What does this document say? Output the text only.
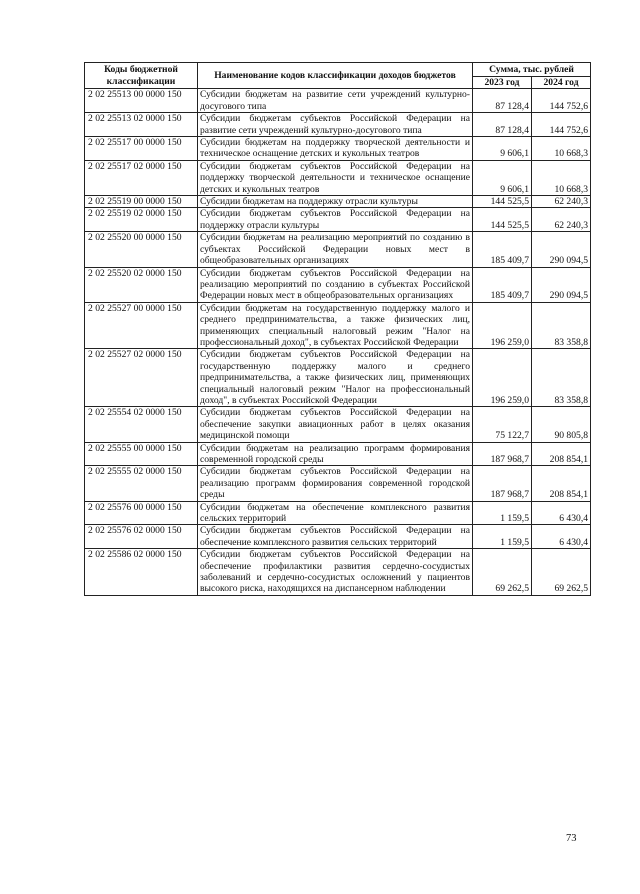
Коды бюджетной классификации	Наименование кодов классификации доходов бюджетов	Сумма, тыс. рублей	
		2023 год	2024 год
2 02 25513 00 0000 150	Субсидии бюджетам на развитие сети учреждений культурно-досугового типа	87 128,4	144 752,6
2 02 25513 02 0000 150	Субсидии бюджетам субъектов Российской Федерации на развитие сети учреждений культурно-досугового типа	87 128,4	144 752,6
2 02 25517 00 0000 150	Субсидии бюджетам на поддержку творческой деятельности и техническое оснащение детских и кукольных театров	9 606,1	10 668,3
2 02 25517 02 0000 150	Субсидии бюджетам субъектов Российской Федерации на поддержку творческой деятельности и техническое оснащение детских и кукольных театров	9 606,1	10 668,3
2 02 25519 00 0000 150	Субсидии бюджетам на поддержку отрасли культуры	144 525,5	62 240,3
2 02 25519 02 0000 150	Субсидии бюджетам субъектов Российской Федерации на поддержку отрасли культуры	144 525,5	62 240,3
2 02 25520 00 0000 150	Субсидии бюджетам на реализацию мероприятий по созданию в субъектах Российской Федерации новых мест в общеобразовательных организациях	185 409,7	290 094,5
2 02 25520 02 0000 150	Субсидии бюджетам субъектов Российской Федерации на реализацию мероприятий по созданию в субъектах Российской Федерации новых мест в общеобразовательных организациях	185 409,7	290 094,5
2 02 25527 00 0000 150	Субсидии бюджетам на государственную поддержку малого и среднего предпринимательства, а также физических лиц, применяющих специальный налоговый режим "Налог на профессиональный доход", в субъектах Российской Федерации	196 259,0	83 358,8
2 02 25527 02 0000 150	Субсидии бюджетам субъектов Российской Федерации на государственную поддержку малого и среднего предпринимательства, а также физических лиц, применяющих специальный налоговый режим "Налог на профессиональный доход", в субъектах Российской Федерации	196 259,0	83 358,8
2 02 25554 02 0000 150	Субсидии бюджетам субъектов Российской Федерации на обеспечение закупки авиационных работ в целях оказания медицинской помощи	75 122,7	90 805,8
2 02 25555 00 0000 150	Субсидии бюджетам на реализацию программ формирования современной городской среды	187 968,7	208 854,1
2 02 25555 02 0000 150	Субсидии бюджетам субъектов Российской Федерации на реализацию программ формирования современной городской среды	187 968,7	208 854,1
2 02 25576 00 0000 150	Субсидии бюджетам на обеспечение комплексного развития сельских территорий	1 159,5	6 430,4
2 02 25576 02 0000 150	Субсидии бюджетам субъектов Российской Федерации на обеспечение комплексного развития сельских территорий	1 159,5	6 430,4
2 02 25586 02 0000 150	Субсидии бюджетам субъектов Российской Федерации на обеспечение профилактики развития сердечно-сосудистых заболеваний и сердечно-сосудистых осложнений у пациентов высокого риска, находящихся на диспансерном наблюдении	69 262,5	69 262,5
73
